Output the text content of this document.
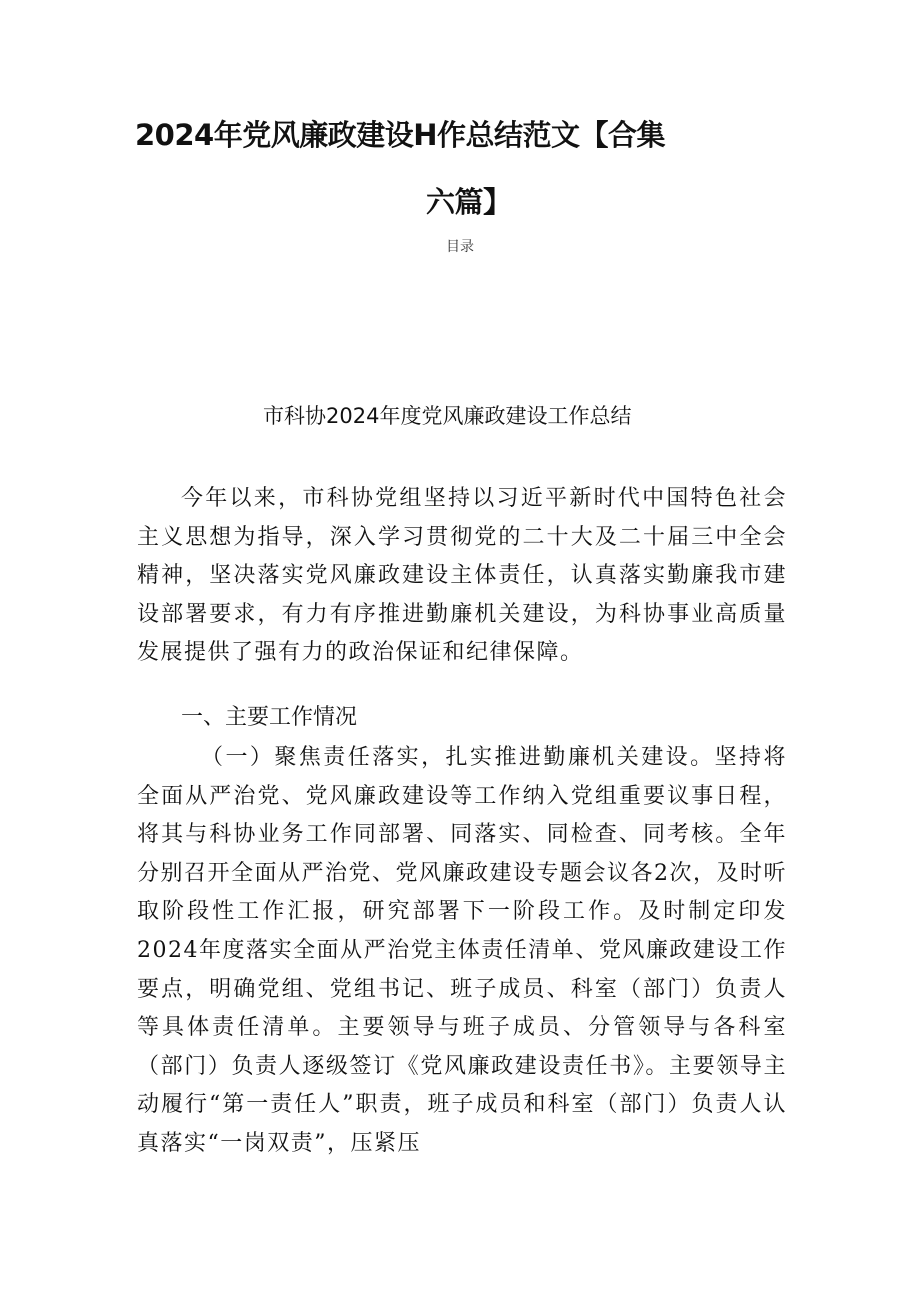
2024年党风廉政建设H作总结范文【合集
六篇】
目录
市科协2024年度党风廉政建设工作总结
今年以来，市科协党组坚持以习近平新时代中国特色社会主义思想为指导，深入学习贯彻党的二十大及二十届三中全会精神，坚决落实党风廉政建设主体责任，认真落实勤廉我市建设部署要求，有力有序推进勤廉机关建设，为科协事业高质量发展提供了强有力的政治保证和纪律保障。
一、主要工作情况
（一）聚焦责任落实，扎实推进勤廉机关建设。坚持将全面从严治党、党风廉政建设等工作纳入党组重要议事日程，将其与科协业务工作同部署、同落实、同检查、同考核。全年分别召开全面从严治党、党风廉政建设专题会议各2次，及时听取阶段性工作汇报，研究部署下一阶段工作。及时制定印发2024年度落实全面从严治党主体责任清单、党风廉政建设工作要点，明确党组、党组书记、班子成员、科室（部门）负责人等具体责任清单。主要领导与班子成员、分管领导与各科室（部门）负责人逐级签订《党风廉政建设责任书》。主要领导主动履行“第一责任人”职责，班子成员和科室（部门）负责人认真落实“一岗双责”，压紧压
